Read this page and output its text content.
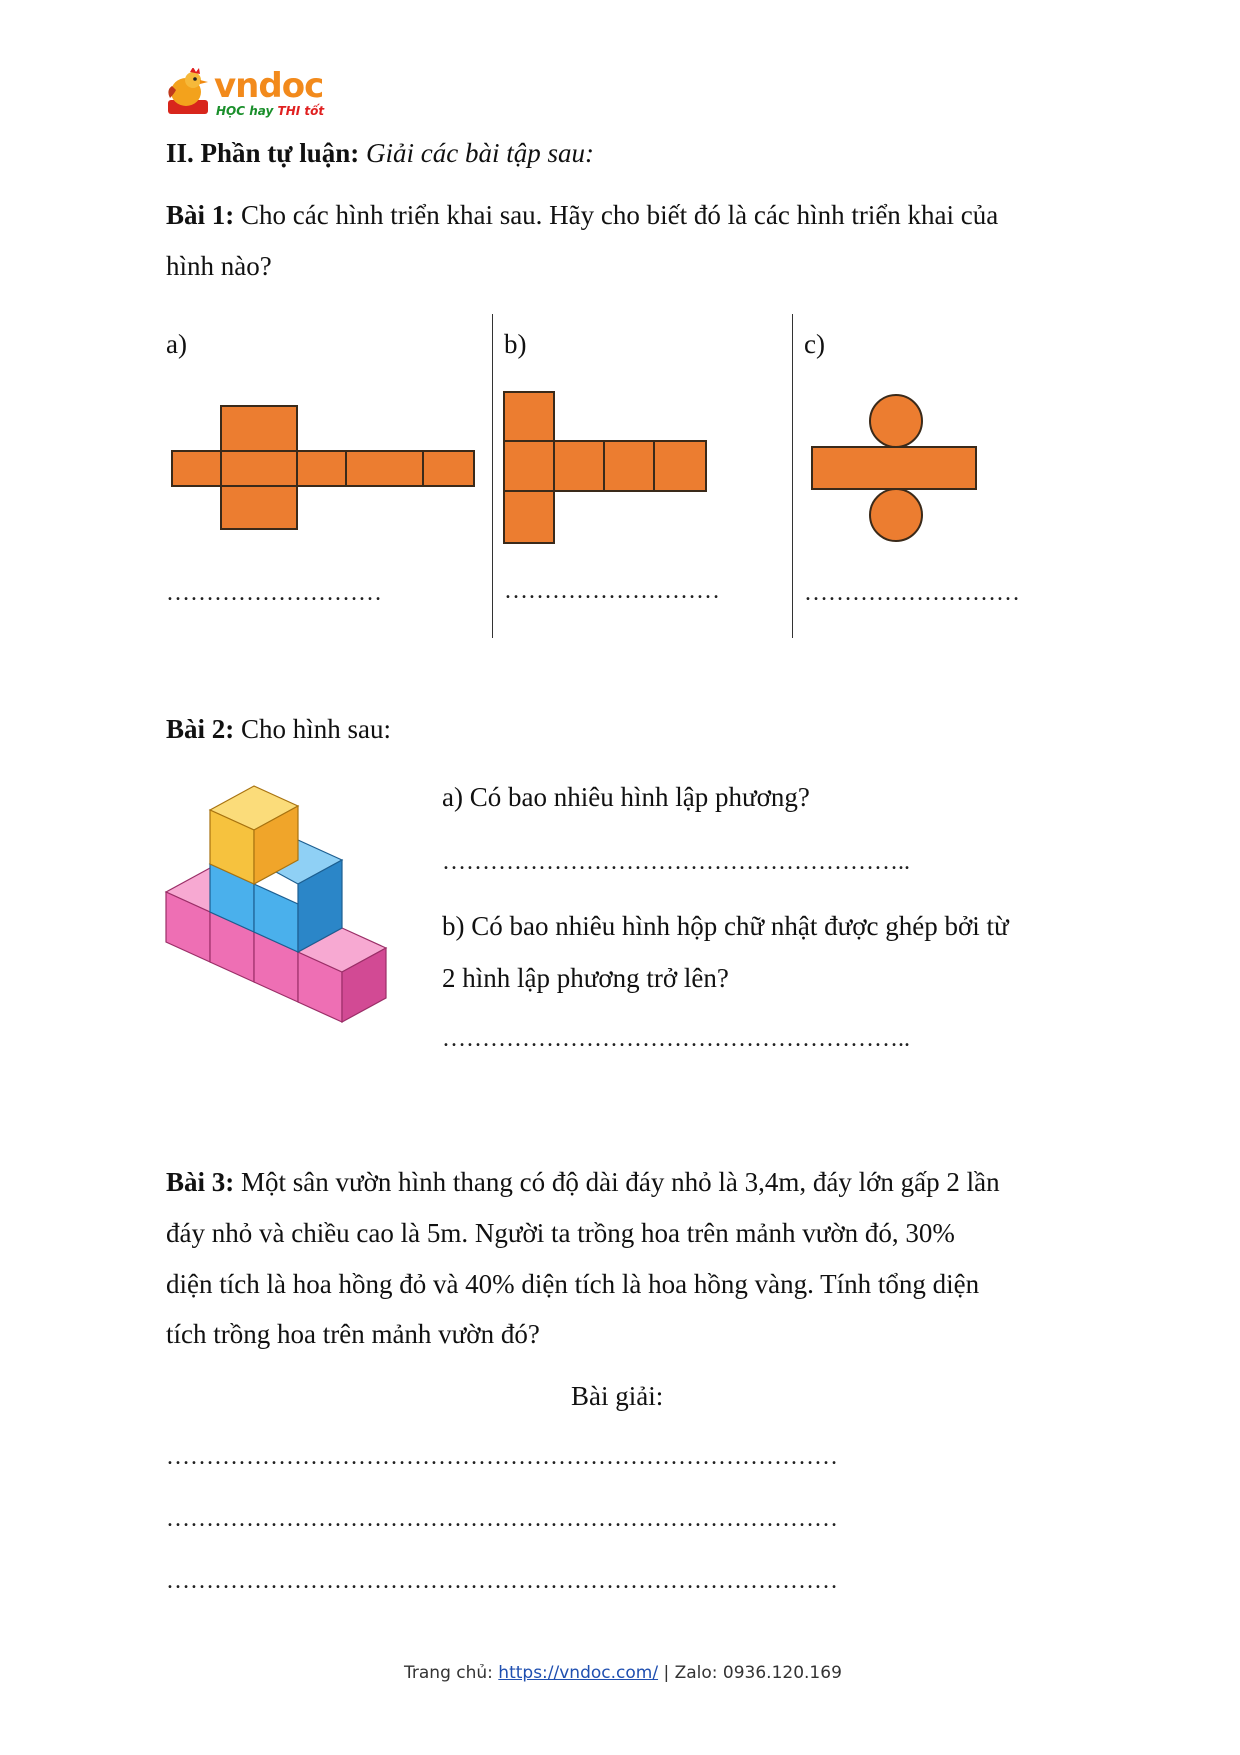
vndoc
HỌC hay THI tốt
II. Phần tự luận: Giải các bài tập sau:
Bài 1: Cho các hình triển khai sau. Hãy cho biết đó là các hình triển khai của
hình nào?
a)
………………………
b)
………………………
c)
………………………
Bài 2: Cho hình sau:
a) Có bao nhiêu hình lập phương?
…………………………………………………..
b) Có bao nhiêu hình hộp chữ nhật được ghép bởi từ
2 hình lập phương trở lên?
…………………………………………………..
Bài 3: Một sân vườn hình thang có độ dài đáy nhỏ là 3,4m, đáy lớn gấp 2 lần
đáy nhỏ và chiều cao là 5m. Người ta trồng hoa trên mảnh vườn đó, 30%
diện tích là hoa hồng đỏ và 40% diện tích là hoa hồng vàng. Tính tổng diện
tích trồng hoa trên mảnh vườn đó?
Bài giải:
…………………………………………………………………………
…………………………………………………………………………
…………………………………………………………………………
Trang chủ: https://vndoc.com/ | Zalo: 0936.120.169
